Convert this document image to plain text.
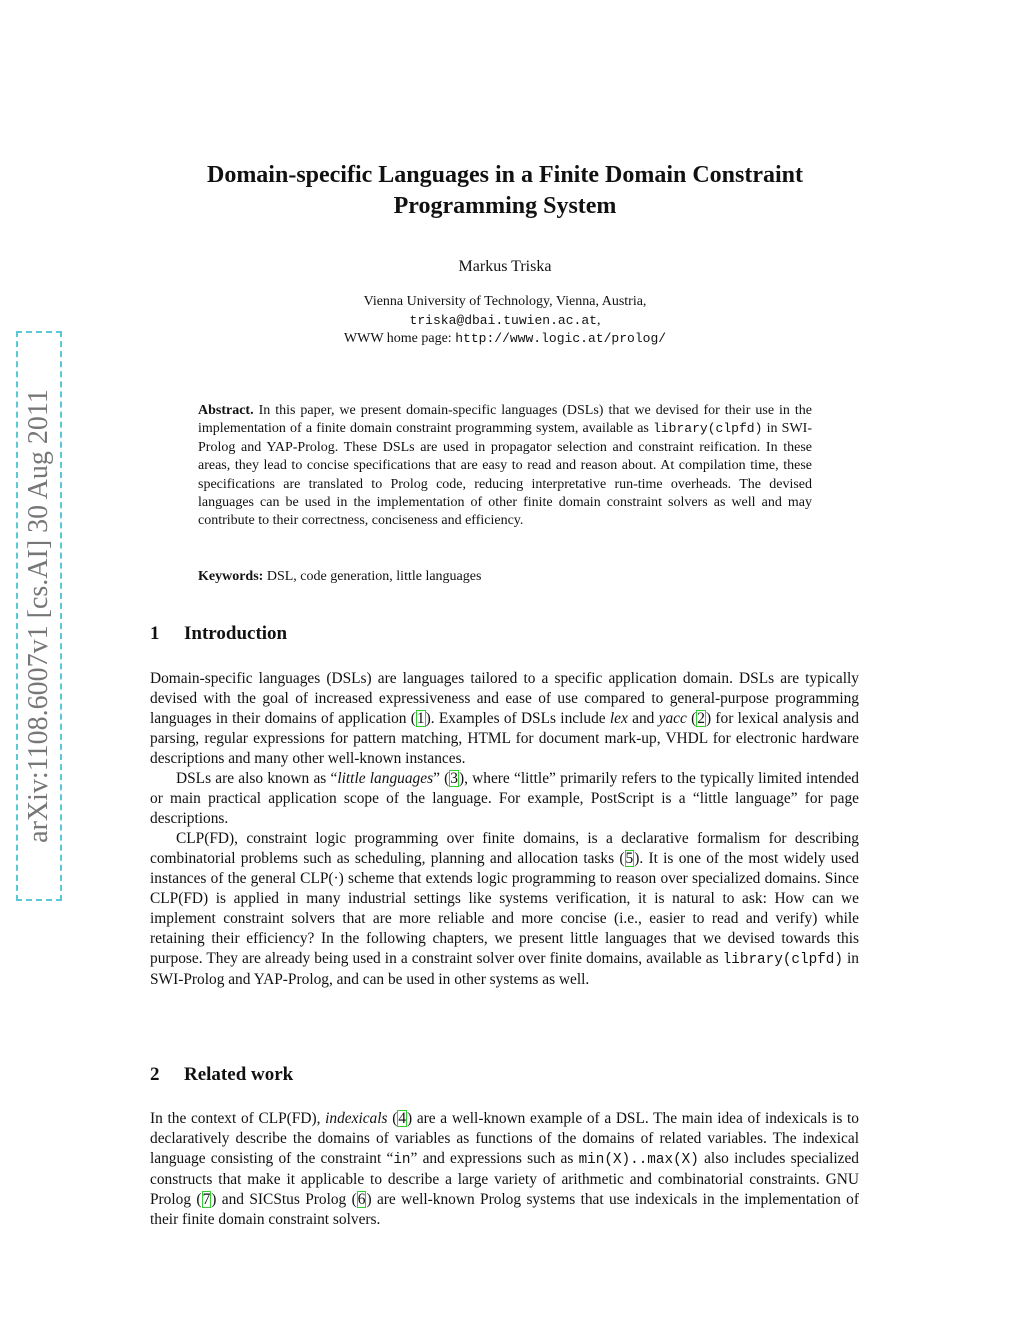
arXiv:1108.6007v1 [cs.AI] 30 Aug 2011
Domain-specific Languages in a Finite Domain Constraint
Programming System
Markus Triska
Vienna University of Technology, Vienna, Austria,
triska@dbai.tuwien.ac.at,
WWW home page: http://www.logic.at/prolog/

Abstract. In this paper, we present domain-specific languages (DSLs) that we devised for their use in the implementation of a finite domain constraint programming system, available as library(clpfd) in SWI-Prolog and YAP-Prolog. These DSLs are used in propagator selection and constraint reification. In these areas, they lead to concise specifications that are easy to read and reason about. At compilation time, these specifications are translated to Prolog code, reducing interpretative run-time overheads. The devised languages can be used in the implementation of other finite domain constraint solvers as well and may contribute to their correctness, conciseness and efficiency.

Keywords: DSL, code generation, little languages

1 Introduction

Domain-specific languages (DSLs) are languages tailored to a specific application domain. DSLs are typically devised with the goal of increased expressiveness and ease of use compared to general-purpose programming languages in their domains of application (1). Examples of DSLs include lex and yacc (2) for lexical analysis and parsing, regular expressions for pattern matching, HTML for document mark-up, VHDL for electronic hardware descriptions and many other well-known instances.

DSLs are also known as “little languages” (3), where “little” primarily refers to the typically limited intended or main practical application scope of the language. For example, PostScript is a “little language” for page descriptions.

CLP(FD), constraint logic programming over finite domains, is a declarative formalism for describing combinatorial problems such as scheduling, planning and allocation tasks (5). It is one of the most widely used instances of the general CLP(·) scheme that extends logic programming to reason over specialized domains. Since CLP(FD) is applied in many industrial settings like systems verification, it is natural to ask: How can we implement constraint solvers that are more reliable and more concise (i.e., easier to read and verify) while retaining their efficiency? In the following chapters, we present little languages that we devised towards this purpose. They are already being used in a constraint solver over finite domains, available as library(clpfd) in SWI-Prolog and YAP-Prolog, and can be used in other systems as well.

2 Related work

In the context of CLP(FD), indexicals (4) are a well-known example of a DSL. The main idea of indexicals is to declaratively describe the domains of variables as functions of the domains of related variables. The indexical language consisting of the constraint “in” and expressions such as min(X)..max(X) also includes specialized constructs that make it applicable to describe a large variety of arithmetic and combinatorial constraints. GNU Prolog (7) and SICStus Prolog (6) are well-known Prolog systems that use indexicals in the implementation of their finite domain constraint solvers.
